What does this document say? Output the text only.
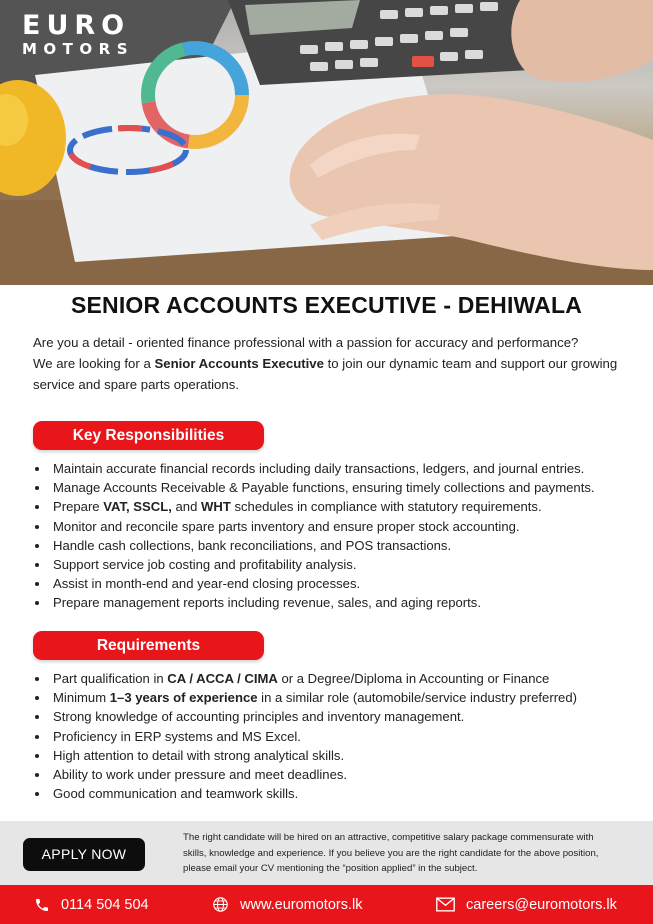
EURO
MOTORS
SENIOR ACCOUNTS EXECUTIVE - DEHIWALA

Are you a detail - oriented finance professional with a passion for accuracy and performance?

We are looking for a Senior Accounts Executive to join our dynamic team and support our growing

service and spare parts operations.

Key Responsibilities
Maintain accurate financial records including daily transactions, ledgers, and journal entries.
Manage Accounts Receivable & Payable functions, ensuring timely collections and payments.
Prepare VAT, SSCL, and WHT schedules in compliance with statutory requirements.
Monitor and reconcile spare parts inventory and ensure proper stock accounting.
Handle cash collections, bank reconciliations, and POS transactions.
Support service job costing and profitability analysis.
Assist in month-end and year-end closing processes.
Prepare management reports including revenue, sales, and aging reports.
Requirements
Part qualification in CA / ACCA / CIMA or a Degree/Diploma in Accounting or Finance
Minimum 1–3 years of experience in a similar role (automobile/service industry preferred)
Strong knowledge of accounting principles and inventory management.
Proficiency in ERP systems and MS Excel.
High attention to detail with strong analytical skills.
Ability to work under pressure and meet deadlines.
Good communication and teamwork skills.
APPLY NOW
The right candidate will be hired on an attractive, competitive salary package commensurate with
skills, knowledge and experience. If you believe you are the right candidate for the above position,
please email your CV mentioning the “position applied” in the subject.
0114 504 504	www.euromotors.lk	careers@euromotors.lk
